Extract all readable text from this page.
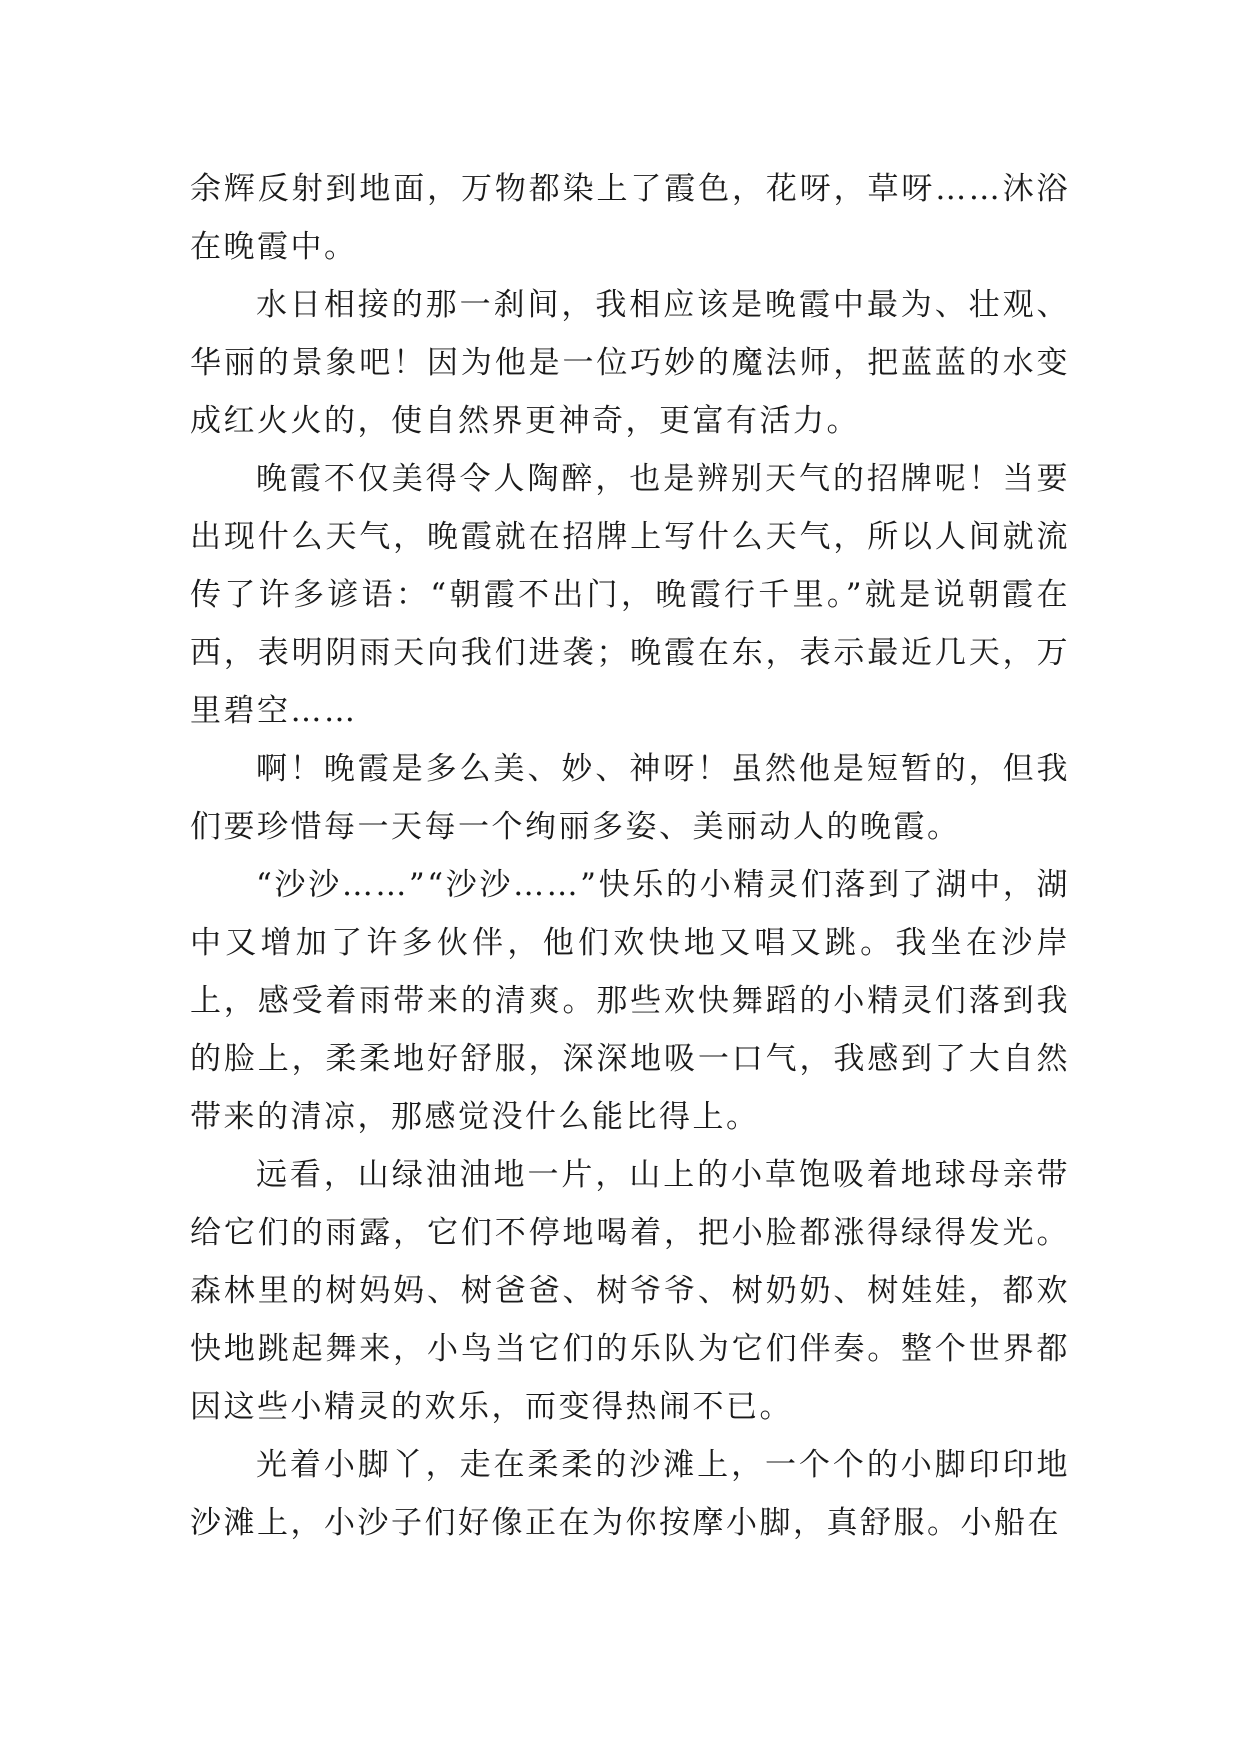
余辉反射到地面，万物都染上了霞色，花呀，草呀……沐浴在晚霞中。

水日相接的那一刹间，我相应该是晚霞中最为、壮观、华丽的景象吧！因为他是一位巧妙的魔法师，把蓝蓝的水变成红火火的，使自然界更神奇，更富有活力。

晚霞不仅美得令人陶醉，也是辨别天气的招牌呢！当要出现什么天气，晚霞就在招牌上写什么天气，所以人间就流传了许多谚语：“朝霞不出门，晚霞行千里。”就是说朝霞在西，表明阴雨天向我们进袭；晚霞在东，表示最近几天，万里碧空……

啊！晚霞是多么美、妙、神呀！虽然他是短暂的，但我们要珍惜每一天每一个绚丽多姿、美丽动人的晚霞。

“沙沙……”“沙沙……”快乐的小精灵们落到了湖中，湖中又增加了许多伙伴，他们欢快地又唱又跳。我坐在沙岸上，感受着雨带来的清爽。那些欢快舞蹈的小精灵们落到我的脸上，柔柔地好舒服，深深地吸一口气，我感到了大自然带来的清凉，那感觉没什么能比得上。

远看，山绿油油地一片，山上的小草饱吸着地球母亲带给它们的雨露，它们不停地喝着，把小脸都涨得绿得发光。森林里的树妈妈、树爸爸、树爷爷、树奶奶、树娃娃，都欢快地跳起舞来，小鸟当它们的乐队为它们伴奏。整个世界都因这些小精灵的欢乐，而变得热闹不已。

光着小脚丫，走在柔柔的沙滩上，一个个的小脚印印地沙滩上，小沙子们好像正在为你按摩小脚，真舒服。小船在
